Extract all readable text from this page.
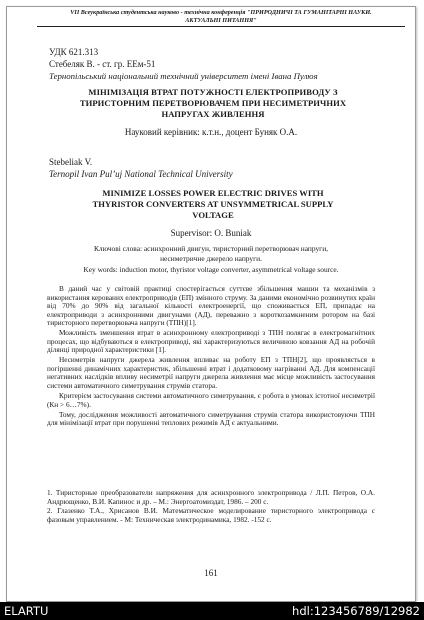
VII Всеукраїнська студентська науково - технічна конференція "ПРИРОДНИЧІ ТА ГУМАНІТАРНІ НАУКИ.
АКТУАЛЬНІ ПИТАННЯ"
УДК 621.313
Стебеляк В. - ст. гр. ЕЕм-51
Тернопільський національний технічний університет імені Івана Пулюя
МІНІМІЗАЦІЯ ВТРАТ ПОТУЖНОСТІ ЕЛЕКТРОПРИВОДУ З
ТИРИСТОРНИМ ПЕРЕТВОРЮВАЧЕМ ПРИ НЕСИМЕТРИЧНИХ
НАПРУГАХ ЖИВЛЕННЯ
Науковий керівник: к.т.н., доцент Буняк О.А.
Stebeliak V.
Ternopil Ivan Pul’uj National Technical University
MINIMIZE LOSSES POWER ELECTRIC DRIVES WITH
THYRISTOR CONVERTERS AT UNSYMMETRICAL SUPPLY
VOLTAGE
Supervisor: O. Buniak
Ключові слова: асинхронний двигун, тиристорний перетворювач напруги,
несиметричне джерело напруги.
Key words: induction motor, thyristor voltage converter, asymmetrical voltage source.

В даний час у світовій практиці спостерігається суттєве збільшення машин та механізмів з використання керованих електроприводів (ЕП) змінного струму. За даними економічно розвинутих країн від 70% до 90% від загальної кількості електроенергії, що споживається ЕП, припадає на електроприводи з асинхронними двигунами (АД), переважно з короткозамкненим ротором на базі тиристорного перетворювача напруги (ТПН)[1].

Можливість зменшення втрат в асинхронному електроприводі з ТПН полягає в електромагнітних процесах, що відбуваються в електроприводі, які характеризуються величиною ковзання АД на робочій ділянці природної характеристики [1].

Несиметрія напруги джерела живлення впливає на роботу ЕП з ТПН[2], що проявляється в погіршенні динамічних характеристик, збільшенні втрат і додатковому нагріванні АД. Для компенсації негативних наслідків впливу несиметрії напруги джерела живлення має місце можливість застосування системи автоматичного симетрування струмів статора.

Критерієм застосування системи автоматичного симетрування, є робота в умовах істотної несиметрії (Кн > 6…7%).

Тому, дослідження можливості автоматичного симетрування струмів статора використовуючи ТПН для мінімізації втрат при порушенні теплових режимів АД є актуальними.

1. Тиристорные преобразователи напряжения для асинхронного электропривода / Л.П. Петров, О.А. Андрющенко, В.И. Капинос и др. – М.: Энергоатомиздат, 1986. – 200 с.

2. Глазенко Т.А., Хрисанов В.И. Математическое моделирование тиристорного электропривода с фазовым управлением. - М: Техническая электродинамика, 1982. -152 с.

161
ELARTU	hdl:123456789/12982
